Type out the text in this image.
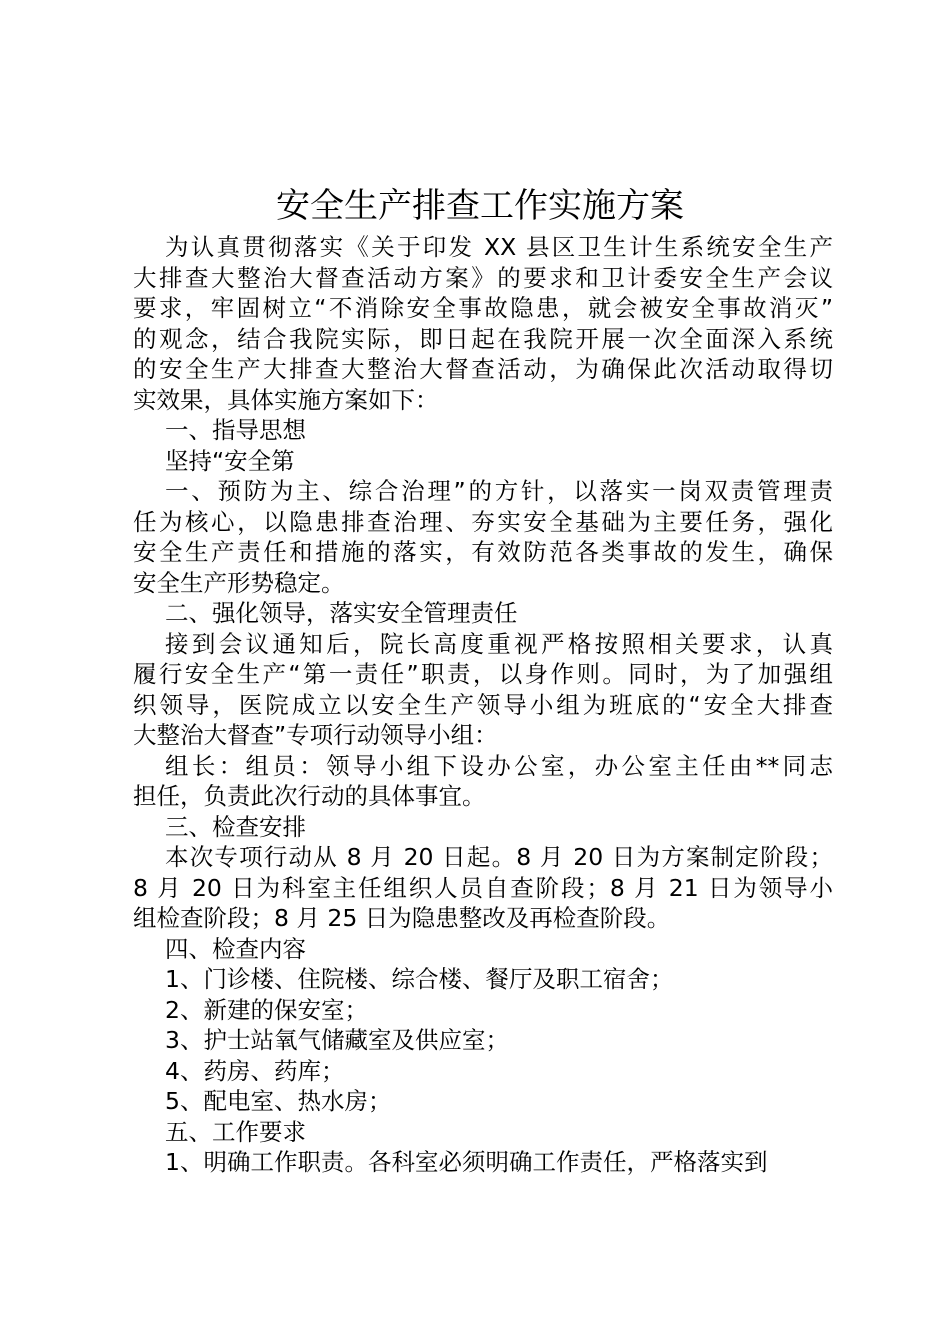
安全生产排查工作实施方案
为认真贯彻落实《关于印发 XX 县区卫生计生系统安全生产
大排查大整治大督查活动方案》的要求和卫计委安全生产会议
要求，牢固树立“不消除安全事故隐患，就会被安全事故消灭”
的观念，结合我院实际，即日起在我院开展一次全面深入系统
的安全生产大排查大整治大督查活动，为确保此次活动取得切
实效果，具体实施方案如下：
一、指导思想
坚持“安全第
一、预防为主、综合治理”的方针，以落实一岗双责管理责
任为核心，以隐患排查治理、夯实安全基础为主要任务，强化
安全生产责任和措施的落实，有效防范各类事故的发生，确保
安全生产形势稳定。
二、强化领导，落实安全管理责任
接到会议通知后，院长高度重视严格按照相关要求，认真
履行安全生产“第一责任”职责，以身作则。同时，为了加强组
织领导，医院成立以安全生产领导小组为班底的“安全大排查
大整治大督查”专项行动领导小组：
组长：组员：领导小组下设办公室，办公室主任由**同志
担任，负责此次行动的具体事宜。
三、检查安排
本次专项行动从 8 月 20 日起。8 月 20 日为方案制定阶段；
8 月 20 日为科室主任组织人员自查阶段；8 月 21 日为领导小
组检查阶段；8 月 25 日为隐患整改及再检查阶段。
四、检查内容
1、门诊楼、住院楼、综合楼、餐厅及职工宿舍；
2、新建的保安室；
3、护士站氧气储藏室及供应室；
4、药房、药库；
5、配电室、热水房；
五、工作要求
1、明确工作职责。各科室必须明确工作责任，严格落实到
